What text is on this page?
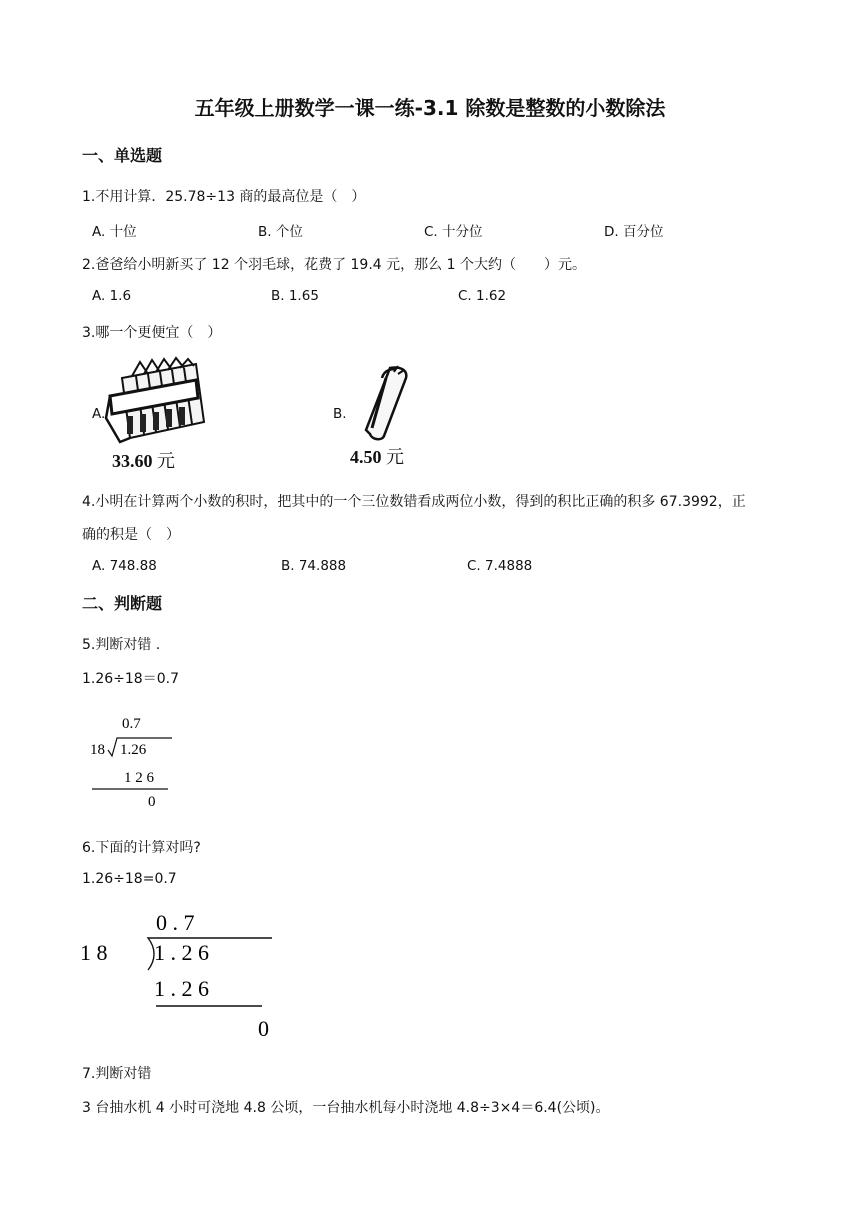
五年级上册数学一课一练-3.1 除数是整数的小数除法
一、单选题
1.不用计算．25.78÷13 商的最高位是（　）
A. 十位	B. 个位	C. 十分位	D. 百分位
2.爸爸给小明新买了 12 个羽毛球，花费了 19.4 元，那么 1 个大约（　　）元。
A. 1.6	B. 1.65	C. 1.62
3.哪一个更便宜（　）
A.
33.60 元
B.
4.50 元
4.小明在计算两个小数的积时，把其中的一个三位数错看成两位小数，得到的积比正确的积多 67.3992，正
确的积是（　）
A. 748.88	B. 74.888	C. 7.4888
二、判断题
5.判断对错 .
1.26÷18＝0.7
0.7
18 1.26
1 2 6
0
6.下面的计算对吗?
1.26÷18=0.7
0 . 7
1 8 1 . 2 6
1 . 2 6
0
7.判断对错
3 台抽水机 4 小时可浇地 4.8 公顷，一台抽水机每小时浇地 4.8÷3×4＝6.4(公顷)。
